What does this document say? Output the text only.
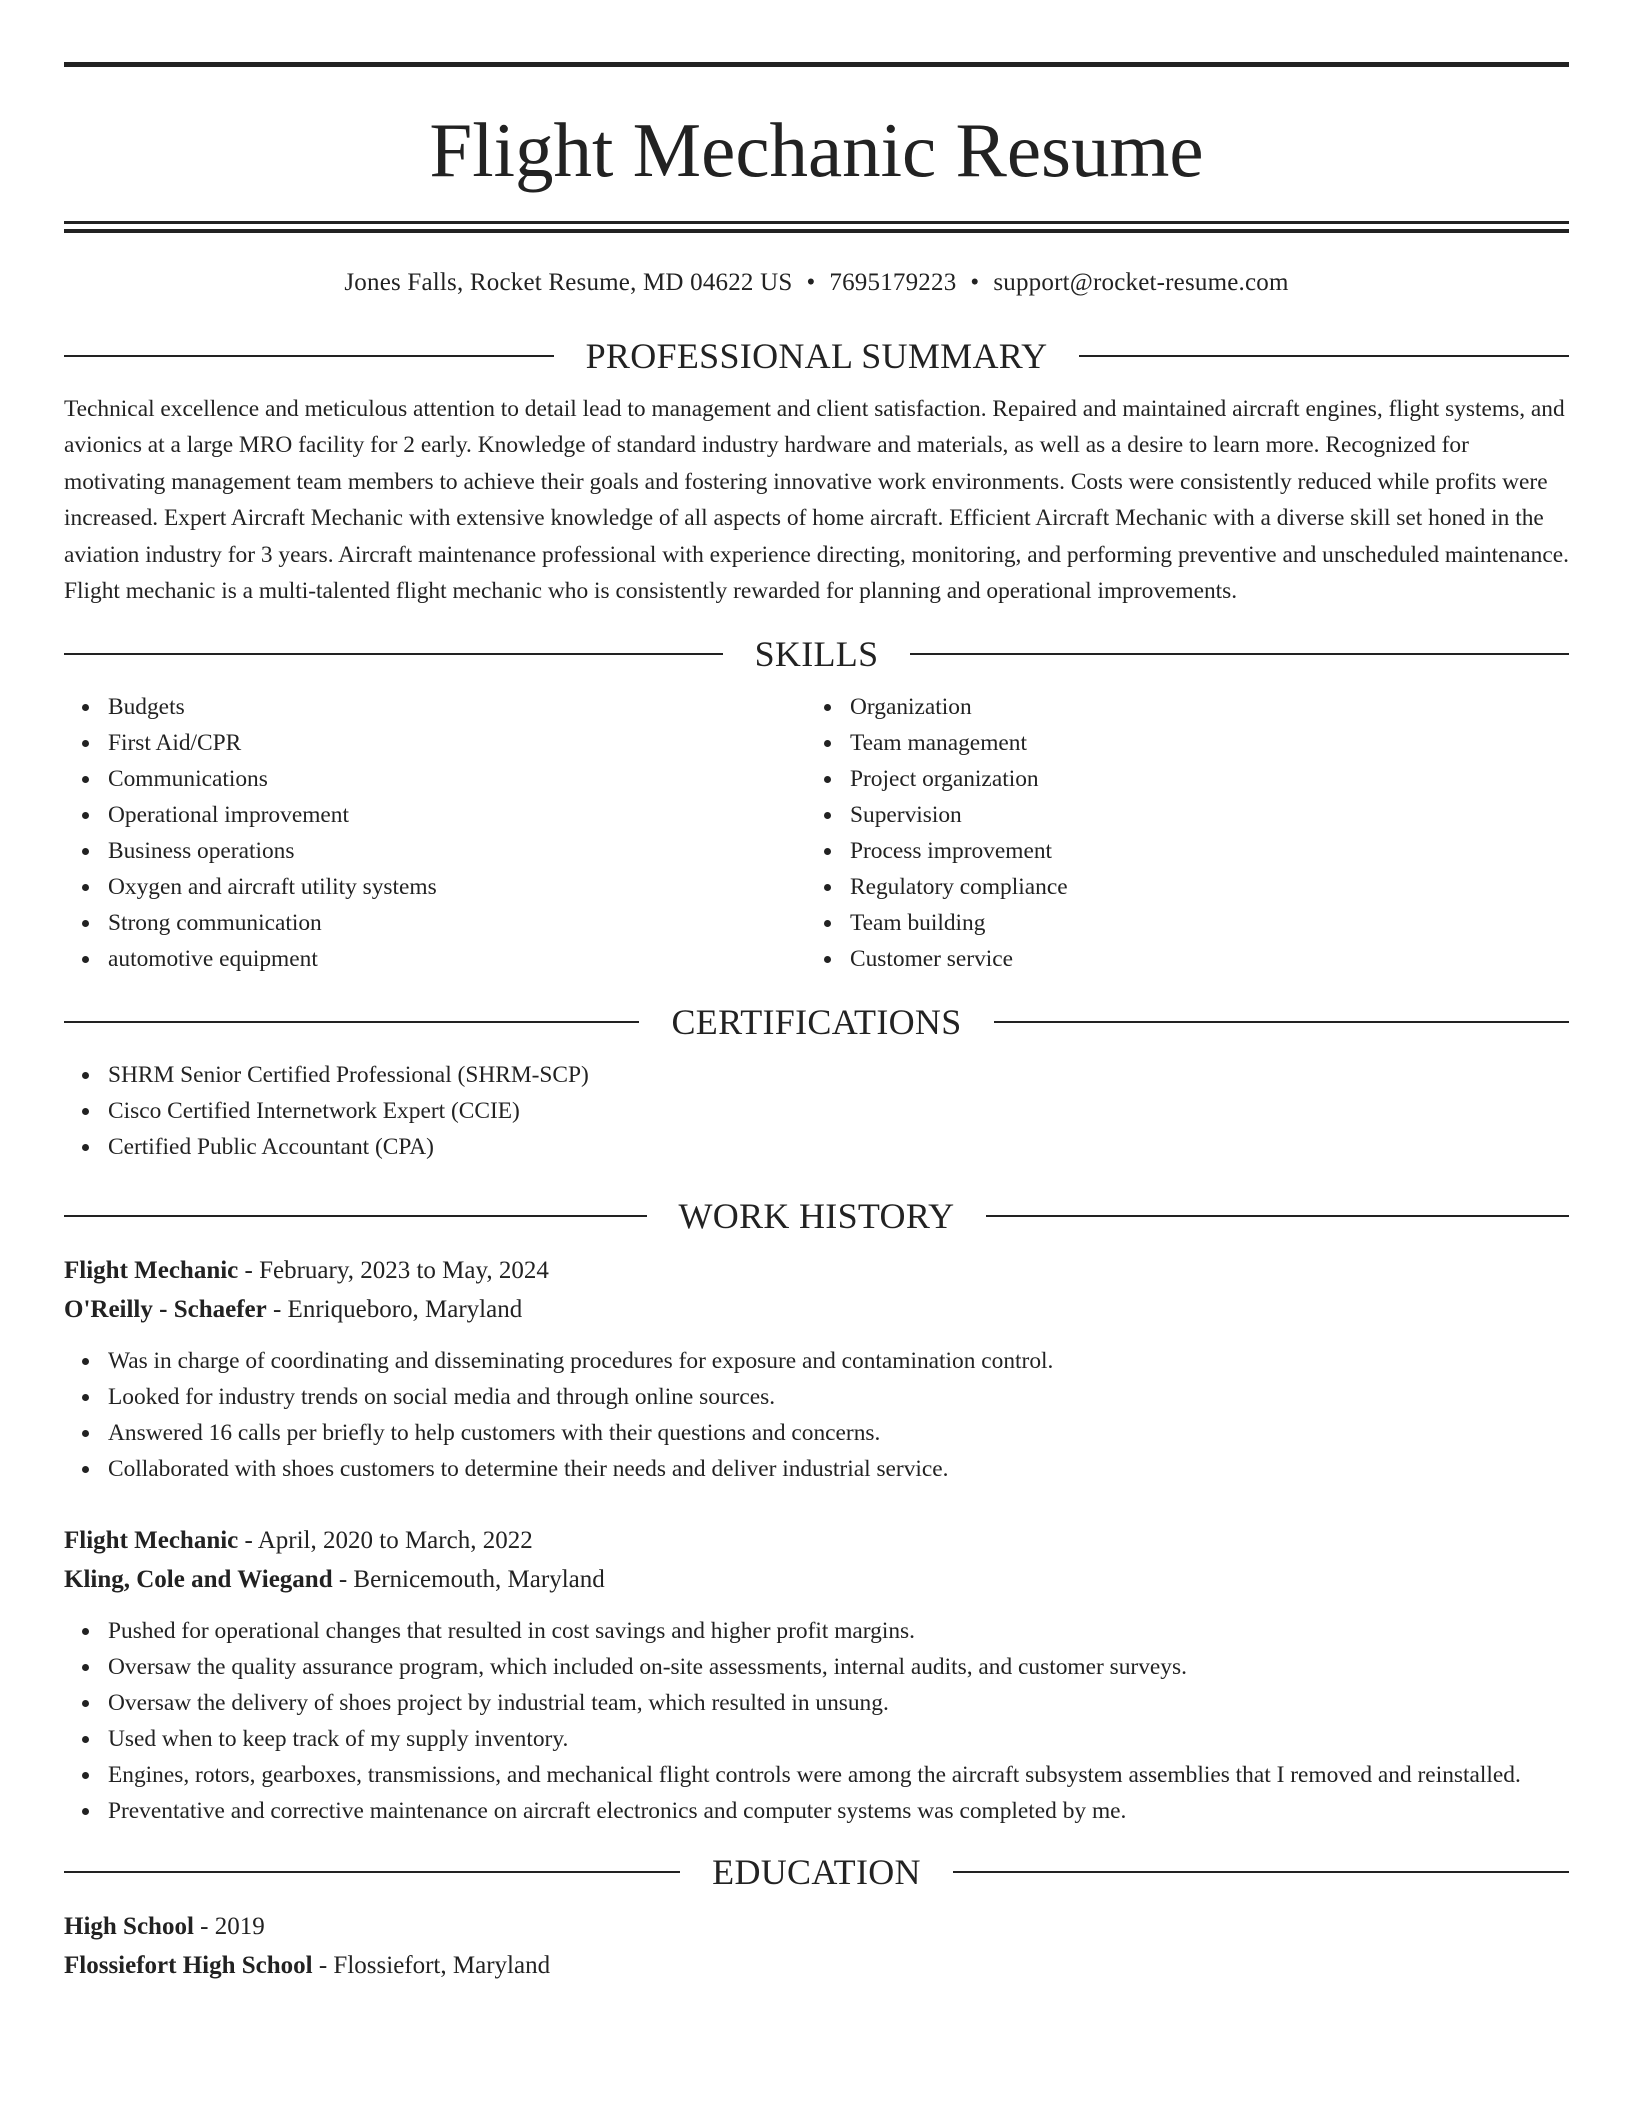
Flight Mechanic Resume
Jones Falls, Rocket Resume, MD 04622 US • 7695179223 • support@rocket-resume.com
PROFESSIONAL SUMMARY

Technical excellence and meticulous attention to detail lead to management and client satisfaction. Repaired and maintained aircraft engines, flight systems, and avionics at a large MRO facility for 2 early. Knowledge of standard industry hardware and materials, as well as a desire to learn more. Recognized for motivating management team members to achieve their goals and fostering innovative work environments. Costs were consistently reduced while profits were increased. Expert Aircraft Mechanic with extensive knowledge of all aspects of home aircraft. Efficient Aircraft Mechanic with a diverse skill set honed in the aviation industry for 3 years. Aircraft maintenance professional with experience directing, monitoring, and performing preventive and unscheduled maintenance. Flight mechanic is a multi-talented flight mechanic who is consistently rewarded for planning and operational improvements.

SKILLS
Budgets
First Aid/CPR
Communications
Operational improvement
Business operations
Oxygen and aircraft utility systems
Strong communication
automotive equipment
Organization
Team management
Project organization
Supervision
Process improvement
Regulatory compliance
Team building
Customer service
CERTIFICATIONS
SHRM Senior Certified Professional (SHRM-SCP)
Cisco Certified Internetwork Expert (CCIE)
Certified Public Accountant (CPA)
WORK HISTORY
Flight Mechanic - February, 2023 to May, 2024
O'Reilly - Schaefer - Enriqueboro, Maryland
Was in charge of coordinating and disseminating procedures for exposure and contamination control.
Looked for industry trends on social media and through online sources.
Answered 16 calls per briefly to help customers with their questions and concerns.
Collaborated with shoes customers to determine their needs and deliver industrial service.
Flight Mechanic - April, 2020 to March, 2022
Kling, Cole and Wiegand - Bernicemouth, Maryland
Pushed for operational changes that resulted in cost savings and higher profit margins.
Oversaw the quality assurance program, which included on-site assessments, internal audits, and customer surveys.
Oversaw the delivery of shoes project by industrial team, which resulted in unsung.
Used when to keep track of my supply inventory.
Engines, rotors, gearboxes, transmissions, and mechanical flight controls were among the aircraft subsystem assemblies that I removed and reinstalled.
Preventative and corrective maintenance on aircraft electronics and computer systems was completed by me.
EDUCATION
High School - 2019
Flossiefort High School - Flossiefort, Maryland
